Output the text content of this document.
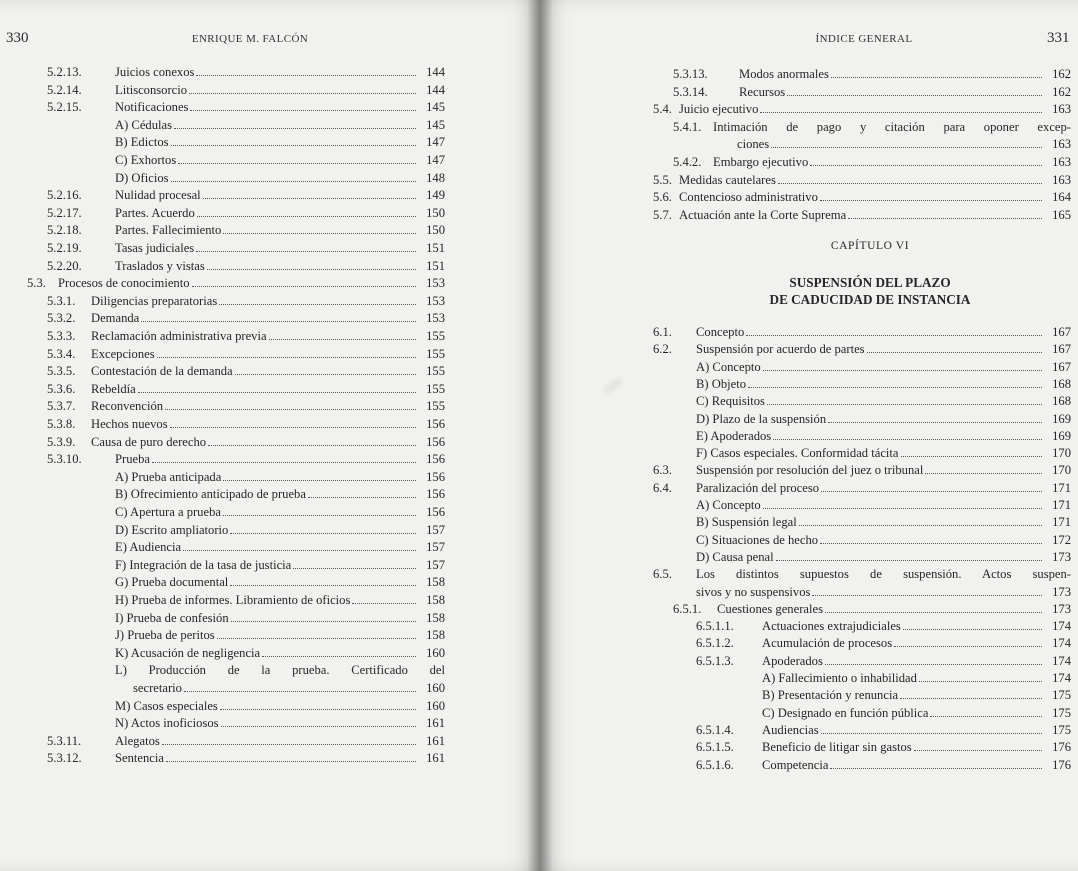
330	ENRIQUE M. FALCÓN
5.2.13.	Juicios conexos	144
5.2.14.	Litisconsorcio	144
5.2.15.	Notificaciones	145
A) Cédulas	145
B) Edictos	147
C) Exhortos	147
D) Oficios	148
5.2.16.	Nulidad procesal	149
5.2.17.	Partes. Acuerdo	150
5.2.18.	Partes. Fallecimiento	150
5.2.19.	Tasas judiciales	151
5.2.20.	Traslados y vistas	151
5.3. Procesos de conocimiento	153
5.3.1. Diligencias preparatorias	153
5.3.2. Demanda	153
5.3.3. Reclamación administrativa previa	155
5.3.4. Excepciones	155
5.3.5. Contestación de la demanda	155
5.3.6. Rebeldía	155
5.3.7. Reconvención	155
5.3.8. Hechos nuevos	156
5.3.9. Causa de puro derecho	156
5.3.10.	Prueba	156
A) Prueba anticipada	156
B) Ofrecimiento anticipado de prueba	156
C) Apertura a prueba	156
D) Escrito ampliatorio	157
E) Audiencia	157
F) Integración de la tasa de justicia	157
G) Prueba documental	158
H) Prueba de informes. Libramiento de oficios	158
I) Prueba de confesión	158
J) Prueba de peritos	158
K) Acusación de negligencia	160
L) Producción de la prueba. Certificado del
secretario	160
M) Casos especiales	160
N) Actos inoficiosos	161
5.3.11.	Alegatos	161
5.3.12.	Sentencia	161
ÍNDICE GENERAL	331
5.3.13. Modos anormales	162
5.3.14. Recursos	162
5.4. Juicio ejecutivo	163
5.4.1. Intimación de pago y citación para oponer excep-
ciones	163
5.4.2. Embargo ejecutivo	163
5.5. Medidas cautelares	163
5.6. Contencioso administrativo	164
5.7. Actuación ante la Corte Suprema	165
CAPÍTULO VI
SUSPENSIÓN DEL PLAZO
DE CADUCIDAD DE INSTANCIA
6.1. Concepto	167
6.2. Suspensión por acuerdo de partes	167
A) Concepto	167
B) Objeto	168
C) Requisitos	168
D) Plazo de la suspensión	169
E) Apoderados	169
F) Casos especiales. Conformidad tácita	170
6.3. Suspensión por resolución del juez o tribunal	170
6.4. Paralización del proceso	171
A) Concepto	171
B) Suspensión legal	171
C) Situaciones de hecho	172
D) Causa penal	173
6.5. Los distintos supuestos de suspensión. Actos suspen-
sivos y no suspensivos	173
6.5.1. Cuestiones generales	173
6.5.1.1. Actuaciones extrajudiciales	174
6.5.1.2. Acumulación de procesos	174
6.5.1.3. Apoderados	174
A) Fallecimiento o inhabilidad	174
B) Presentación y renuncia	175
C) Designado en función pública	175
6.5.1.4. Audiencias	175
6.5.1.5. Beneficio de litigar sin gastos	176
6.5.1.6. Competencia	176
